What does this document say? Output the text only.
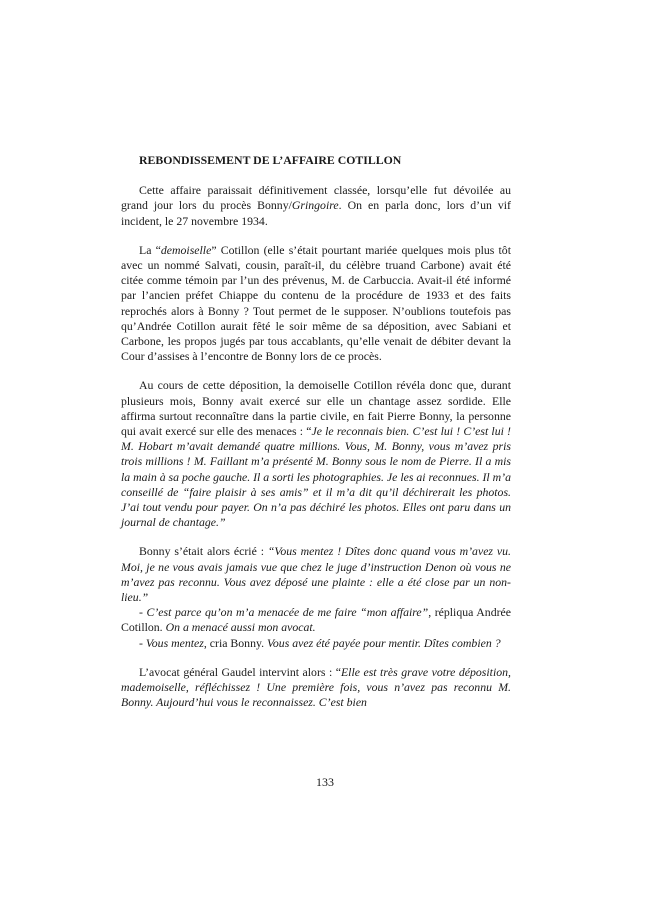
REBONDISSEMENT DE L’AFFAIRE COTILLON

Cette affaire paraissait définitivement classée, lorsqu’elle fut dévoilée au grand jour lors du procès Bonny/Gringoire. On en parla donc, lors d’un vif incident, le 27 novembre 1934.

La “demoiselle” Cotillon (elle s’était pourtant mariée quelques mois plus tôt avec un nommé Salvati, cousin, paraît-il, du célèbre truand Carbone) avait été citée comme témoin par l’un des prévenus, M. de Carbuccia. Avait-il été informé par l’ancien préfet Chiappe du contenu de la procédure de 1933 et des faits reprochés alors à Bonny ? Tout permet de le supposer. N’oublions toutefois pas qu’Andrée Cotillon aurait fêté le soir même de sa déposition, avec Sabiani et Carbone, les propos jugés par tous accablants, qu’elle venait de débiter devant la Cour d’assises à l’encontre de Bonny lors de ce procès.

Au cours de cette déposition, la demoiselle Cotillon révéla donc que, durant plusieurs mois, Bonny avait exercé sur elle un chantage assez sordide. Elle affirma surtout reconnaître dans la partie civile, en fait Pierre Bonny, la personne qui avait exercé sur elle des menaces : “Je le reconnais bien. C’est lui ! C’est lui ! M. Hobart m’avait demandé quatre millions. Vous, M. Bonny, vous m’avez pris trois millions ! M. Faillant m’a présenté M. Bonny sous le nom de Pierre. Il a mis la main à sa poche gauche. Il a sorti les photographies. Je les ai reconnues. Il m’a conseillé de “faire plaisir à ses amis” et il m’a dit qu’il déchirerait les photos. J’ai tout vendu pour payer. On n’a pas déchiré les photos. Elles ont paru dans un journal de chantage.”

Bonny s’était alors écrié : “Vous mentez ! Dîtes donc quand vous m’avez vu. Moi, je ne vous avais jamais vue que chez le juge d’instruction Denon où vous ne m’avez pas reconnu. Vous avez déposé une plainte : elle a été close par un non-lieu.”

- C’est parce qu’on m’a menacée de me faire “mon affaire”, répliqua Andrée Cotillon. On a menacé aussi mon avocat.

- Vous mentez, cria Bonny. Vous avez été payée pour mentir. Dîtes combien ?

L’avocat général Gaudel intervint alors : “Elle est très grave votre déposition, mademoiselle, réfléchissez ! Une première fois, vous n’avez pas reconnu M. Bonny. Aujourd’hui vous le reconnaissez. C’est bien

133
